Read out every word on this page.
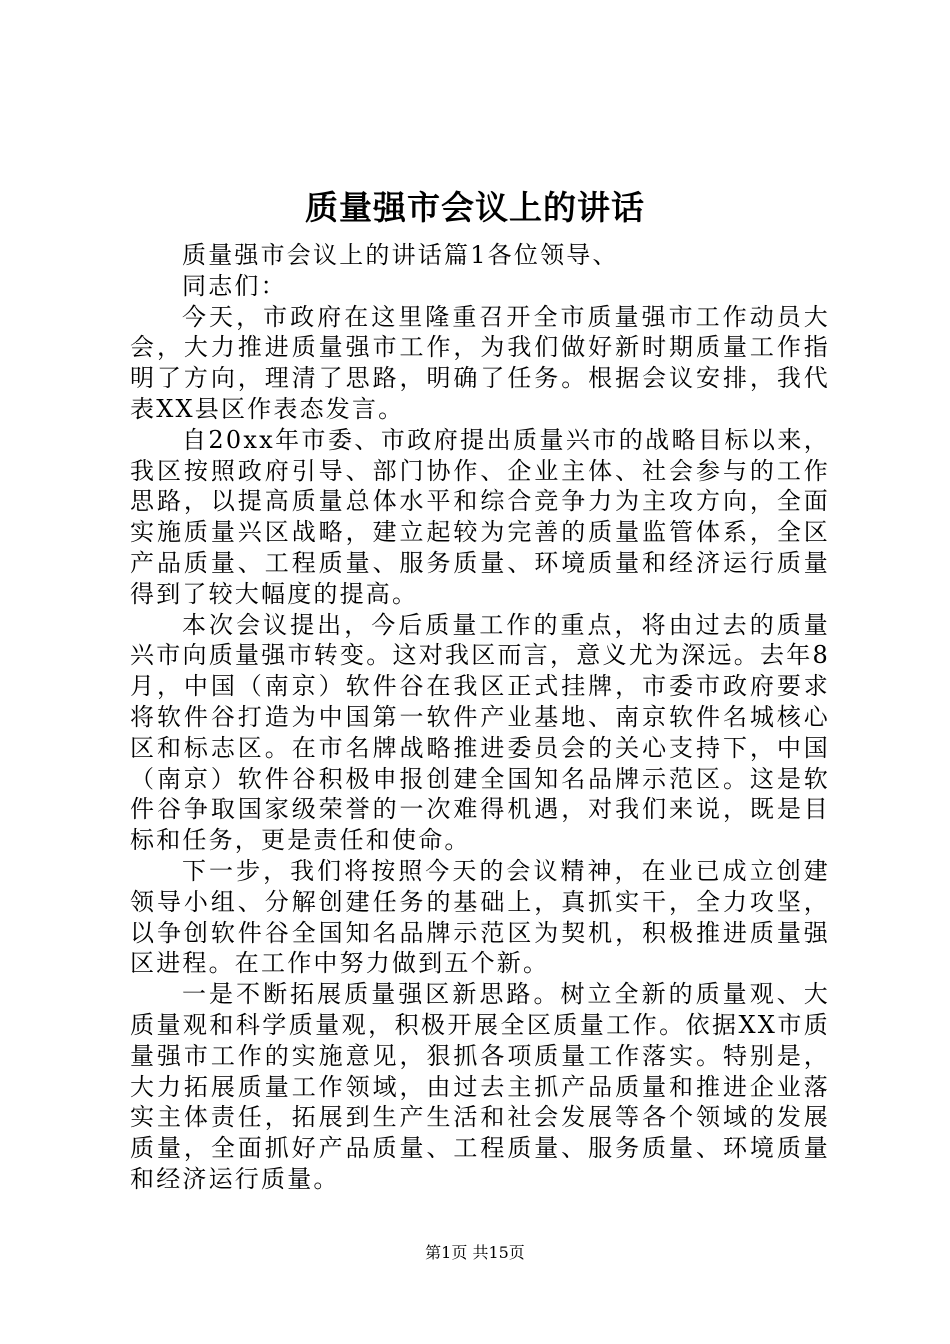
质量强市会议上的讲话

质量强市会议上的讲话篇1各位领导、

同志们：

今天，市政府在这里隆重召开全市质量强市工作动员大会，大力推进质量强市工作，为我们做好新时期质量工作指明了方向，理清了思路，明确了任务。根据会议安排，我代表XX县区作表态发言。

自20xx年市委、市政府提出质量兴市的战略目标以来，我区按照政府引导、部门协作、企业主体、社会参与的工作思路，以提高质量总体水平和综合竞争力为主攻方向，全面实施质量兴区战略，建立起较为完善的质量监管体系，全区产品质量、工程质量、服务质量、环境质量和经济运行质量得到了较大幅度的提高。

本次会议提出，今后质量工作的重点，将由过去的质量兴市向质量强市转变。这对我区而言，意义尤为深远。去年8月，中国（南京）软件谷在我区正式挂牌，市委市政府要求将软件谷打造为中国第一软件产业基地、南京软件名城核心区和标志区。在市名牌战略推进委员会的关心支持下，中国（南京）软件谷积极申报创建全国知名品牌示范区。这是软件谷争取国家级荣誉的一次难得机遇，对我们来说，既是目标和任务，更是责任和使命。

下一步，我们将按照今天的会议精神，在业已成立创建领导小组、分解创建任务的基础上，真抓实干，全力攻坚，以争创软件谷全国知名品牌示范区为契机，积极推进质量强区进程。在工作中努力做到五个新。

一是不断拓展质量强区新思路。树立全新的质量观、大质量观和科学质量观，积极开展全区质量工作。依据XX市质量强市工作的实施意见，狠抓各项质量工作落实。特别是，大力拓展质量工作领域，由过去主抓产品质量和推进企业落实主体责任，拓展到生产生活和社会发展等各个领域的发展质量，全面抓好产品质量、工程质量、服务质量、环境质量和经济运行质量。

第1页 共15页
